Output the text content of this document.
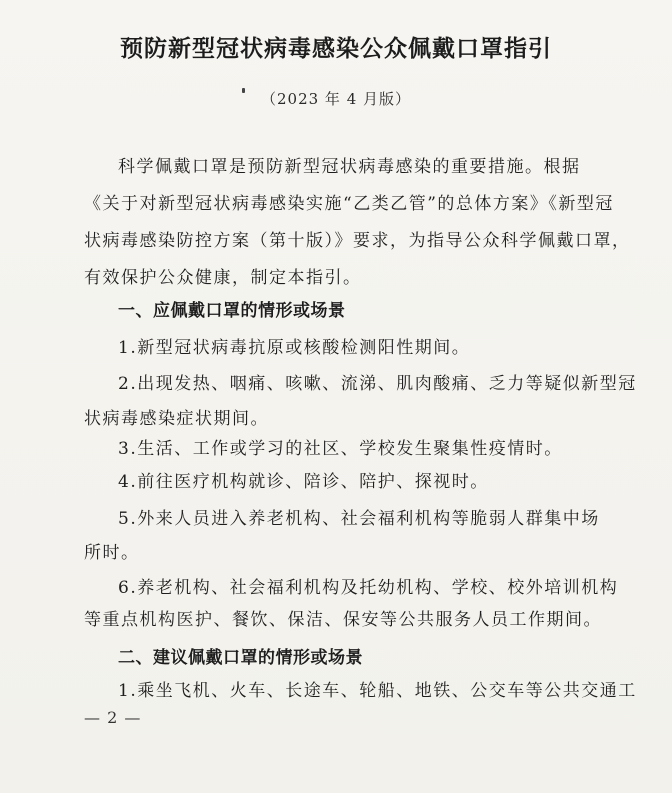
预防新型冠状病毒感染公众佩戴口罩指引
（2023 年 4 月版）
科学佩戴口罩是预防新型冠状病毒感染的重要措施。根据
《关于对新型冠状病毒感染实施“乙类乙管”的总体方案》《新型冠
状病毒感染防控方案（第十版）》要求，为指导公众科学佩戴口罩，
有效保护公众健康，制定本指引。
一、应佩戴口罩的情形或场景
1.新型冠状病毒抗原或核酸检测阳性期间。
2.出现发热、咽痛、咳嗽、流涕、肌肉酸痛、乏力等疑似新型冠
状病毒感染症状期间。
3.生活、工作或学习的社区、学校发生聚集性疫情时。
4.前往医疗机构就诊、陪诊、陪护、探视时。
5.外来人员进入养老机构、社会福利机构等脆弱人群集中场
所时。
6.养老机构、社会福利机构及托幼机构、学校、校外培训机构
等重点机构医护、餐饮、保洁、保安等公共服务人员工作期间。
二、建议佩戴口罩的情形或场景
1.乘坐飞机、火车、长途车、轮船、地铁、公交车等公共交通工
— 2 —
